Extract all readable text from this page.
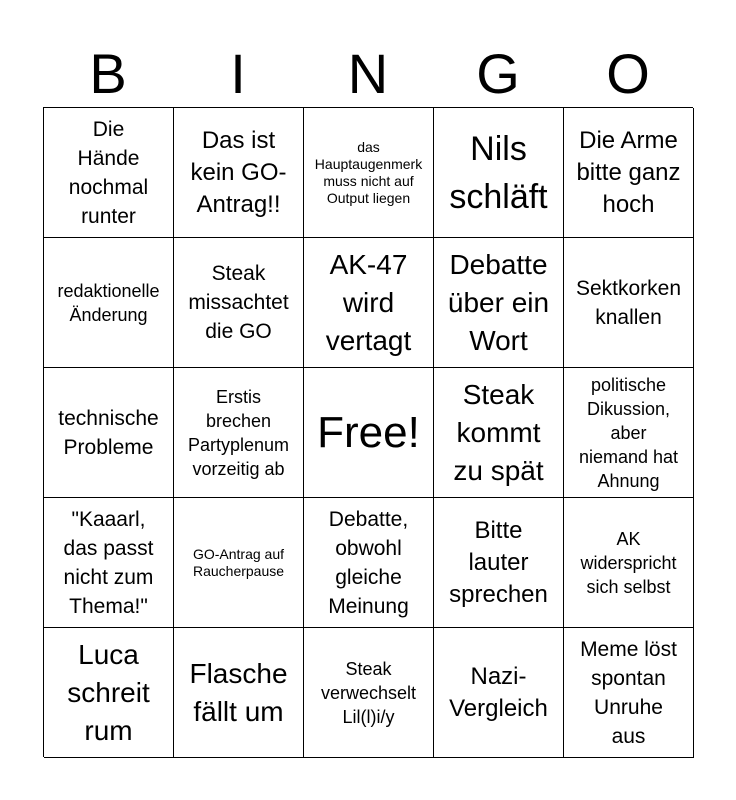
B	I	N	G	O
Die
Hände
nochmal
runter
Das ist
kein GO-
Antrag!!
das
Hauptaugenmerk
muss nicht auf
Output liegen
Nils
schläft
Die Arme
bitte ganz
hoch
redaktionelle
Änderung
Steak
missachtet
die GO
AK-47
wird
vertagt
Debatte
über ein
Wort
Sektkorken
knallen
technische
Probleme
Erstis
brechen
Partyplenum
vorzeitig ab
Free!
Steak
kommt
zu spät
politische
Dikussion,
aber
niemand hat
Ahnung
"Kaaarl,
das passt
nicht zum
Thema!"
GO-Antrag auf
Raucherpause
Debatte,
obwohl
gleiche
Meinung
Bitte
lauter
sprechen
AK
widerspricht
sich selbst
Luca
schreit
rum
Flasche
fällt um
Steak
verwechselt
Lil(l)i/y
Nazi-
Vergleich
Meme löst
spontan
Unruhe
aus
